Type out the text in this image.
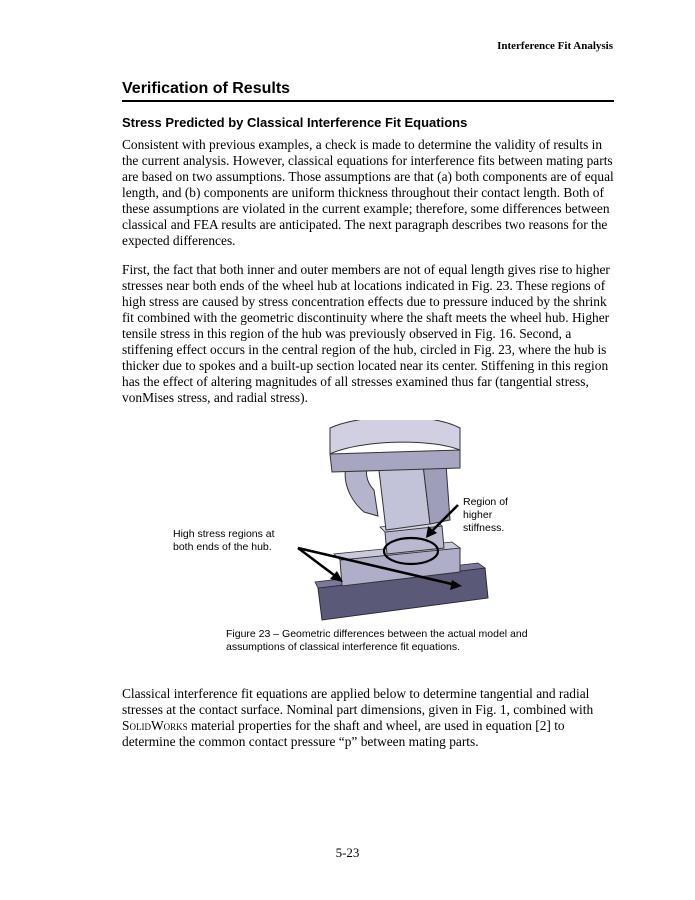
Interference Fit Analysis
Verification of Results
Stress Predicted by Classical Interference Fit Equations

Consistent with previous examples, a check is made to determine the validity of results in the current analysis. However, classical equations for interference fits between mating parts are based on two assumptions. Those assumptions are that (a) both components are of equal length, and (b) components are uniform thickness throughout their contact length. Both of these assumptions are violated in the current example; therefore, some differences between classical and FEA results are anticipated. The next paragraph describes two reasons for the expected differences.

First, the fact that both inner and outer members are not of equal length gives rise to higher stresses near both ends of the wheel hub at locations indicated in Fig. 23. These regions of high stress are caused by stress concentration effects due to pressure induced by the shrink fit combined with the geometric discontinuity where the shaft meets the wheel hub. Higher tensile stress in this region of the hub was previously observed in Fig. 16. Second, a stiffening effect occurs in the central region of the hub, circled in Fig. 23, where the hub is thicker due to spokes and a built-up section located near its center. Stiffening in this region has the effect of altering magnitudes of all stresses examined thus far (tangential stress, vonMises stress, and radial stress).

Region of
higher
stiffness.
High stress regions at
both ends of the hub.
Figure 23 – Geometric differences between the actual model and assumptions of classical interference fit equations.

Classical interference fit equations are applied below to determine tangential and radial stresses at the contact surface. Nominal part dimensions, given in Fig. 1, combined with SolidWorks material properties for the shaft and wheel, are used in equation [2] to determine the common contact pressure “p” between mating parts.

5-23
